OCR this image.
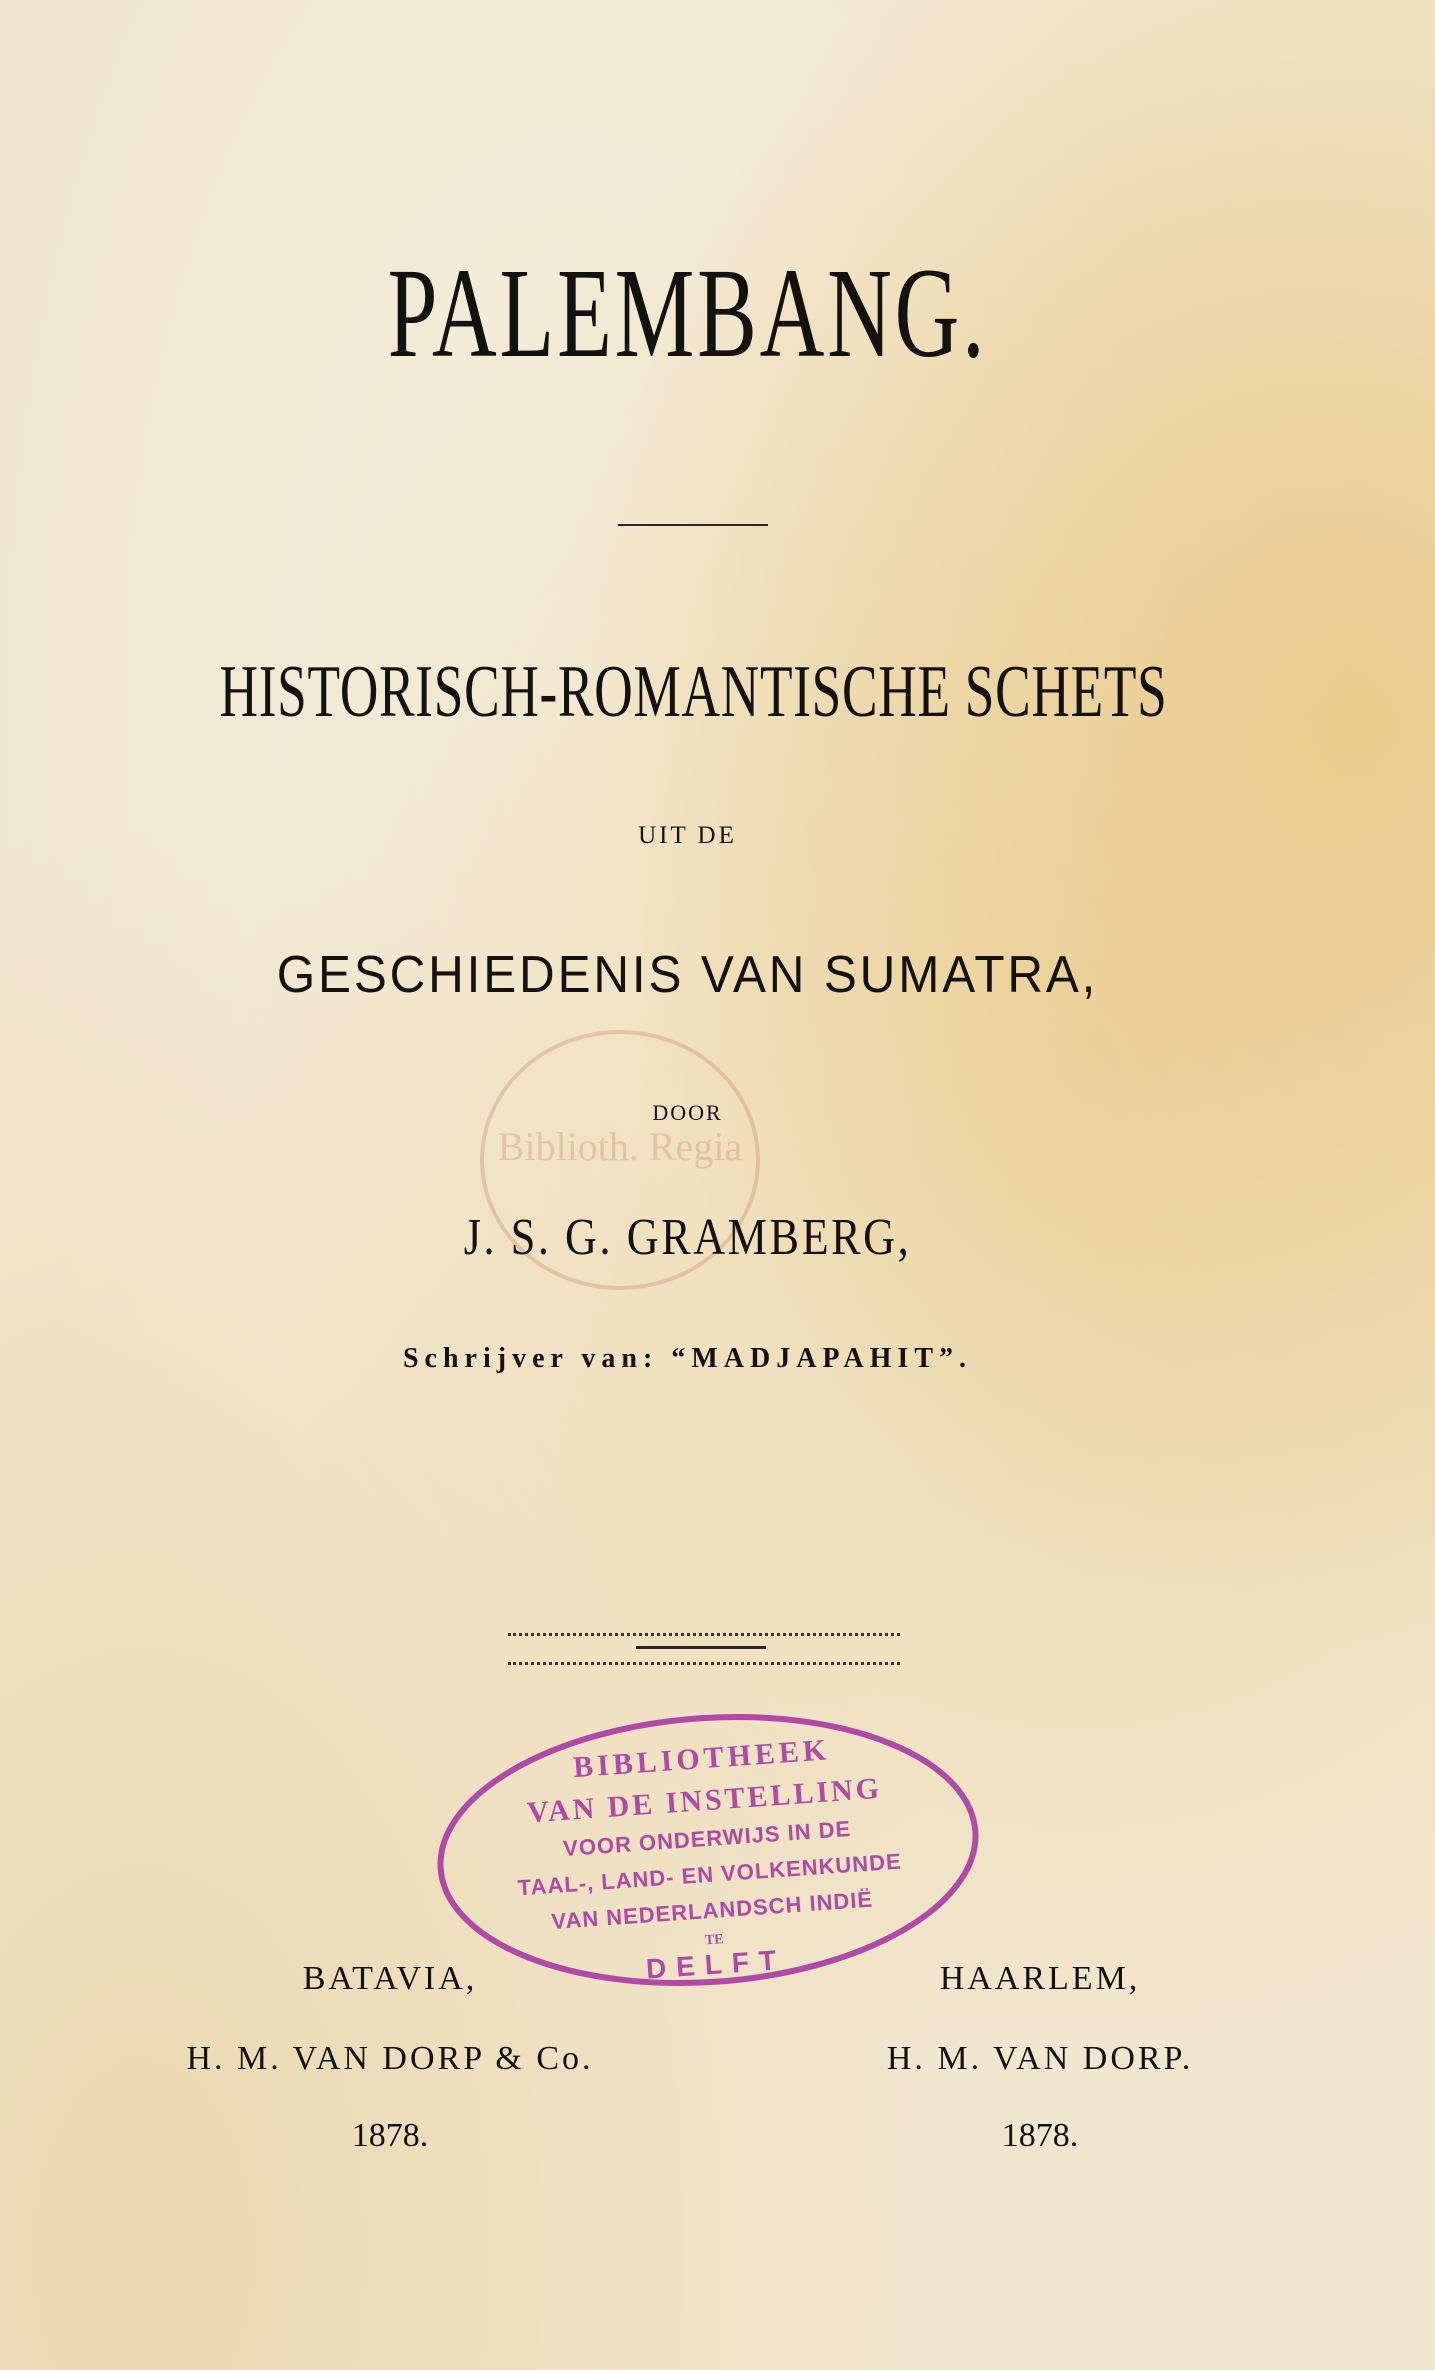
PALEMBANG.
HISTORISCH-ROMANTISCHE SCHETS
UIT DE
GESCHIEDENIS VAN SUMATRA,
Biblioth. Regia
DOOR
J. S. G. GRAMBERG,
Schrijver van: “MADJAPAHIT”.
BIBLIOTHEEK
VAN DE INSTELLING
VOOR ONDERWIJS IN DE
TAAL-, LAND- EN VOLKENKUNDE
VAN NEDERLANDSCH INDIË
TE
DELFT
BATAVIA,
H. M. VAN DORP & Co.
1878.
HAARLEM,
H. M. VAN DORP.
1878.
